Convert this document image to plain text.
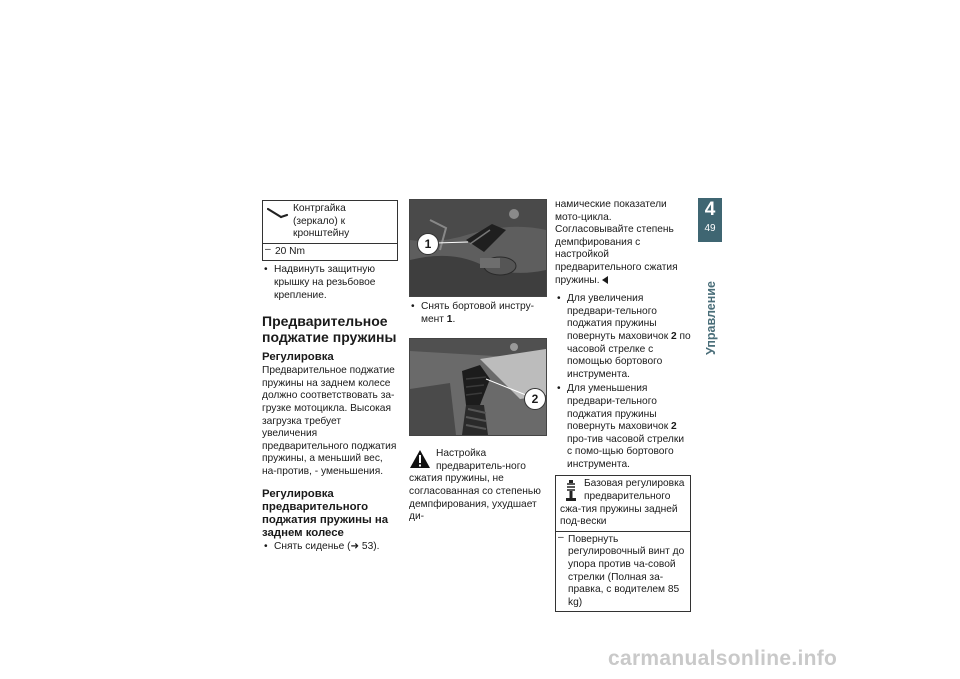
Контргайка (зеркало) к кронштейну
– 20 Nm
• Надвинуть защитную крышку на резьбовое крепление.
Предварительное поджатие пружины
Регулировка

Предварительное поджатие пружины на заднем колесе должно соответствовать за-грузке мотоцикла. Высокая загрузка требует увеличения предварительного поджатия пружины, а меньший вес, на-против, - уменьшения.

Регулировка предварительного поджатия пружины на заднем колесе
• Снять сиденье (➜ 53).
1
• Снять бортовой инстру-мент 1.
2
Настройка предваритель-ного сжатия пружины, не согласованная со степенью демпфирования, ухудшает ди-

намические показатели мото-цикла.

Согласовывайте степень демпфирования с настройкой предварительного сжатия пружины.

• Для увеличения предвари-тельного поджатия пружины повернуть маховичок 2 по часовой стрелке с помощью бортового инструмента.
• Для уменьшения предвари-тельного поджатия пружины повернуть маховичок 2 про-тив часовой стрелки с помо-щью бортового инструмента.
Базовая регулировка предварительного сжа-тия пружины задней под-вески
– Повернуть регулировочный винт до упора против ча-совой стрелки (Полная за-правка, с водителем 85 kg)
4
49
Управление
carmanualsonline.info
